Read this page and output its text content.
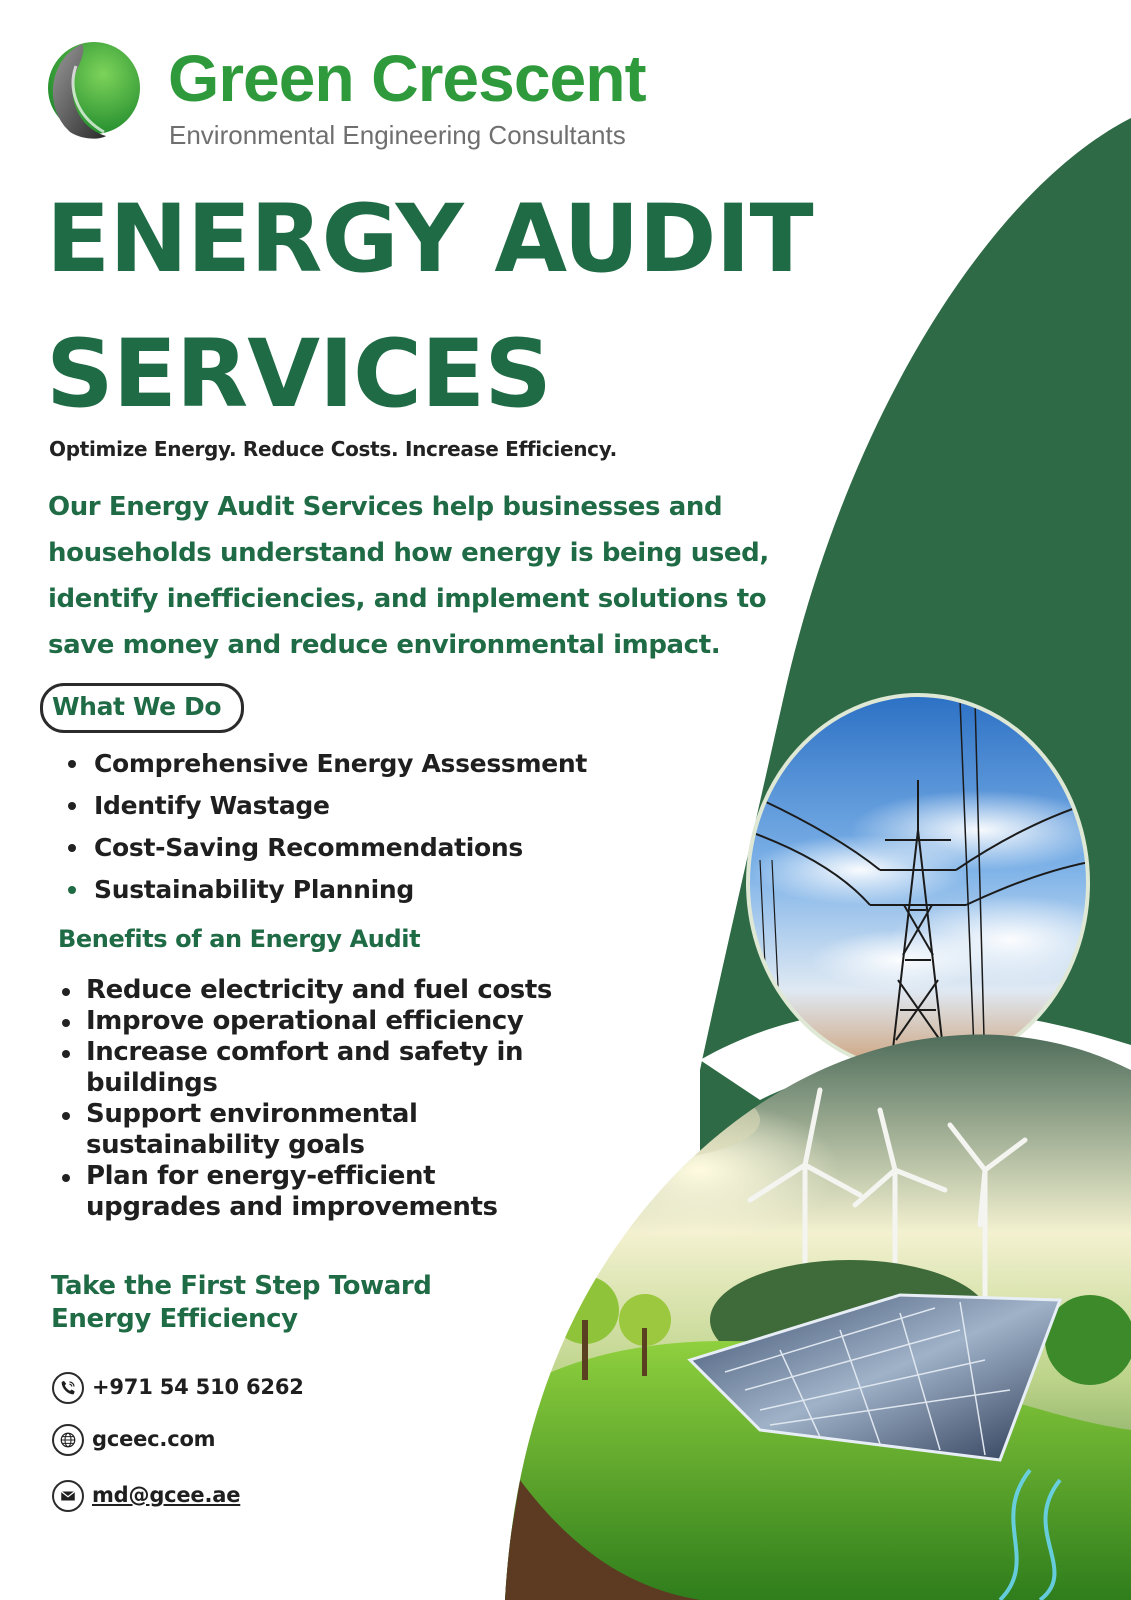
Green Crescent
Environmental Engineering Consultants
ENERGY AUDIT
SERVICES
Optimize Energy. Reduce Costs. Increase Efficiency.
Our Energy Audit Services help businesses and households understand how energy is being used, identify inefficiencies, and implement solutions to save money and reduce environmental impact.
What We Do
Comprehensive Energy Assessment
Identify Wastage
Cost-Saving Recommendations
Sustainability Planning
Benefits of an Energy Audit
Reduce electricity and fuel costs
Improve operational efficiency
Increase comfort and safety in
buildings
Support environmental
sustainability goals
Plan for energy-efficient
upgrades and improvements
Take the First Step Toward Energy Efficiency
+971 54 510 6262
gceec.com
md@gcee.ae
